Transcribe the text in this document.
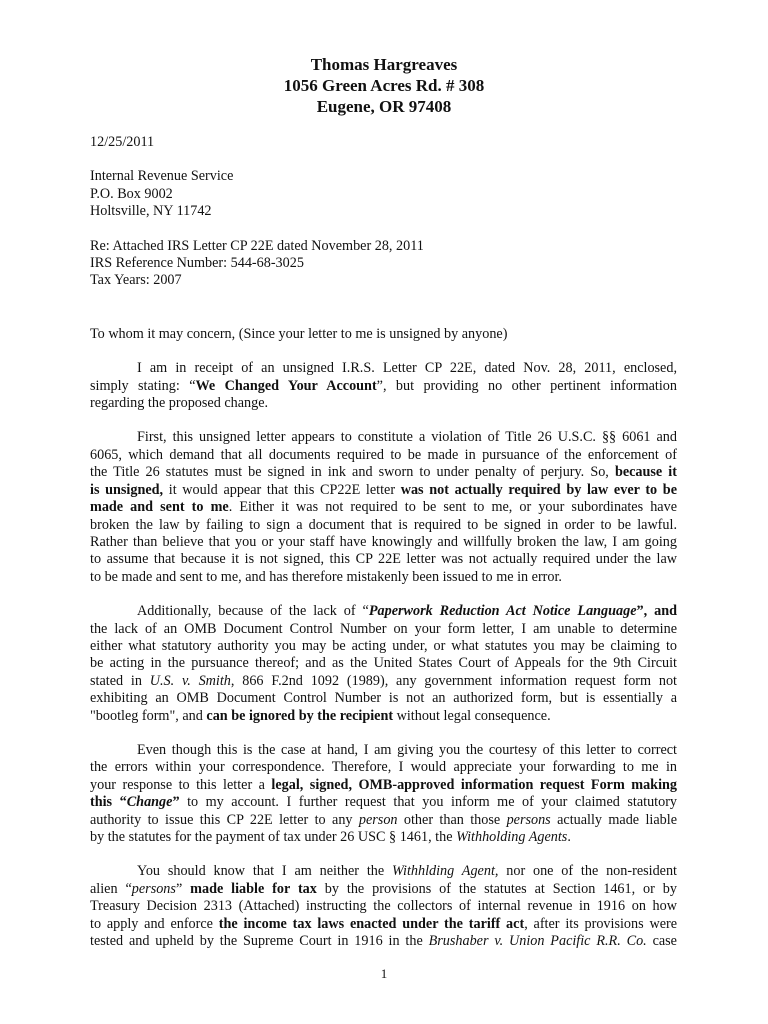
Thomas Hargreaves
1056 Green Acres Rd. # 308
Eugene, OR 97408
12/25/2011
Internal Revenue Service
P.O. Box 9002
Holtsville, NY 11742
Re: Attached IRS Letter CP 22E dated November 28, 2011
IRS Reference Number: 544-68-3025
Tax Years: 2007
To whom it may concern, (Since your letter to me is unsigned by anyone)
I am in receipt of an unsigned I.R.S. Letter CP 22E, dated Nov. 28, 2011, enclosed,
simply stating: “We Changed Your Account”, but providing no other pertinent information
regarding the proposed change.
First, this unsigned letter appears to constitute a violation of Title 26 U.S.C. §§ 6061 and
6065, which demand that all documents required to be made in pursuance of the enforcement of
the Title 26 statutes must be signed in ink and sworn to under penalty of perjury. So, because it
is unsigned, it would appear that this CP22E letter was not actually required by law ever to be
made and sent to me. Either it was not required to be sent to me, or your subordinates have
broken the law by failing to sign a document that is required to be signed in order to be lawful.
Rather than believe that you or your staff have knowingly and willfully broken the law, I am going
to assume that because it is not signed, this CP 22E letter was not actually required under the law
to be made and sent to me, and has therefore mistakenly been issued to me in error.
Additionally, because of the lack of “Paperwork Reduction Act Notice Language”, and
the lack of an OMB Document Control Number on your form letter, I am unable to determine
either what statutory authority you may be acting under, or what statutes you may be claiming to
be acting in the pursuance thereof; and as the United States Court of Appeals for the 9th Circuit
stated in U.S. v. Smith, 866 F.2nd 1092 (1989), any government information request form not
exhibiting an OMB Document Control Number is not an authorized form, but is essentially a
"bootleg form", and can be ignored by the recipient without legal consequence.
Even though this is the case at hand, I am giving you the courtesy of this letter to correct
the errors within your correspondence. Therefore, I would appreciate your forwarding to me in
your response to this letter a legal, signed, OMB-approved information request Form making
this “Change” to my account. I further request that you inform me of your claimed statutory
authority to issue this CP 22E letter to any person other than those persons actually made liable
by the statutes for the payment of tax under 26 USC § 1461, the Withholding Agents.
You should know that I am neither the Withhlding Agent, nor one of the non-resident
alien “persons” made liable for tax by the provisions of the statutes at Section 1461, or by
Treasury Decision 2313 (Attached) instructing the collectors of internal revenue in 1916 on how
to apply and enforce the income tax laws enacted under the tariff act, after its provisions were
tested and upheld by the Supreme Court in 1916 in the Brushaber v. Union Pacific R.R. Co. case
1
